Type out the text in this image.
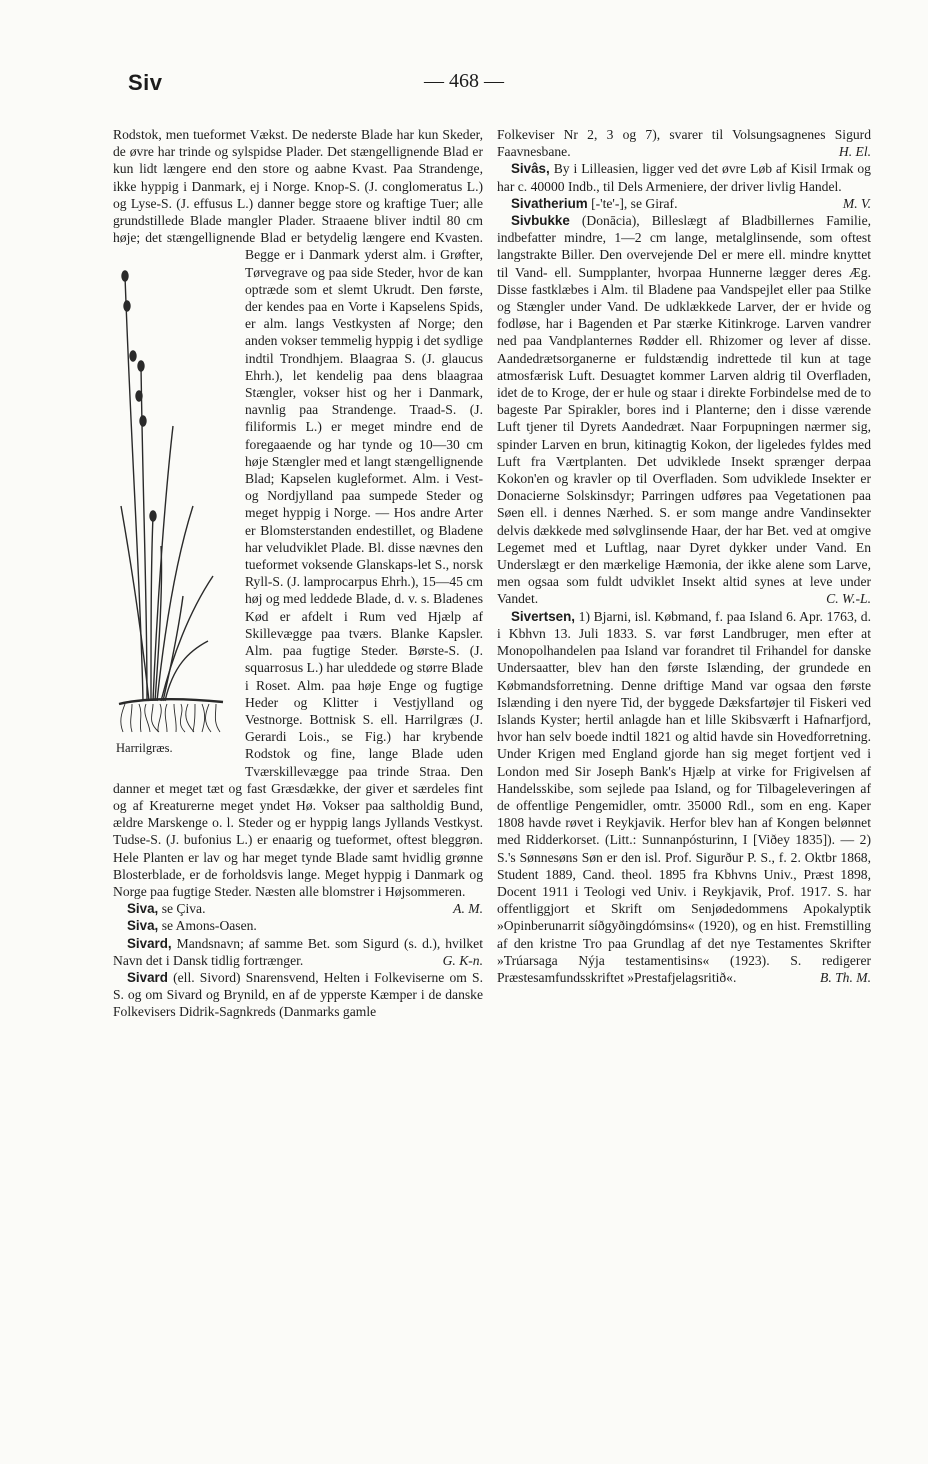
Siv	— 468 —

Rodstok, men tueformet Vækst. De nederste Blade har kun Skeder, de øvre har trinde og sylspidse Plader. Det stængellignende Blad er kun lidt længere end den store og aabne Kvast. Paa Strandenge, ikke hyppig i Danmark, ej i Norge. Knop-S. (J. conglomeratus L.) og Lyse-S. (J. effusus L.) danner begge store og kraftige Tuer; alle grundstillede Blade mangler Plader. Straaene bliver indtil 80 cm høje; det stængellignende Blad er betydelig længere end Kvasten.
Harrilgræs.
Begge er i Danmark yderst alm. i Grøfter, Tørvegrave og paa side Steder, hvor de kan optræde som et slemt Ukrudt. Den første, der kendes paa en Vorte i Kapselens Spids, er alm. langs Vestkysten af Norge; den anden vokser temmelig hyppig i det sydlige indtil Trondhjem. Blaagraa S. (J. glaucus Ehrh.), let kendelig paa dens blaagraa Stængler, vokser hist og her i Danmark, navnlig paa Strandenge. Traad-S. (J. filiformis L.) er meget mindre end de foregaaende og har tynde og 10—30 cm høje Stængler med et langt stængellignende Blad; Kapselen kugleformet. Alm. i Vest- og Nordjylland paa sumpede Steder og meget hyppig i Norge. — Hos andre Arter er Blomsterstanden endestillet, og Bladene har veludviklet Plade. Bl. disse nævnes den tueformet voksende Glanskaps-let S., norsk Ryll-S. (J. lamprocarpus Ehrh.), 15—45 cm høj og med leddede Blade, d. v. s. Bladenes Kød er afdelt i Rum ved Hjælp af Skillevægge paa tværs. Blanke Kapsler. Alm. paa fugtige Steder. Børste-S. (J. squarrosus L.) har uleddede og større Blade i Roset. Alm. paa høje Enge og fugtige Heder og Klitter i Vestjylland og Vestnorge. Bottnisk S. ell. Harrilgræs (J. Gerardi Lois., se Fig.) har krybende Rodstok og fine, lange Blade uden Tværskillevægge paa trinde Straa. Den danner et meget tæt og fast Græsdække, der giver et særdeles fint og af Kreaturerne meget yndet Hø. Vokser paa saltholdig Bund, ældre Marskenge o. l. Steder og er hyppig langs Jyllands Vestkyst. Tudse-S. (J. bufonius L.) er enaarig og tueformet, oftest bleggrøn. Hele Planten er lav og har meget tynde Blade samt hvidlig grønne Blosterblade, er de forholdsvis lange. Meget hyppig i Danmark og Norge paa fugtige Steder. Næsten alle blomstrer i Højsommeren.
A. M.

Siva, se Çiva.

Siva, se Amons-Oasen.

Sivard, Mandsnavn; af samme Bet. som Sigurd (s. d.), hvilket Navn det i Dansk tidlig fortrænger.	G. K-n.

Sivard (ell. Sivord) Snarensvend, Helten i Folkeviserne om S. S. og om Sivard og Brynild, en af de ypperste Kæmper i de danske Folkevisers Didrik-Sagnkreds (Danmarks gamle

Folkeviser Nr 2, 3 og 7), svarer til Volsungsagnenes Sigurd Faavnesbane.	H. El.

Sivâs, By i Lilleasien, ligger ved det øvre Løb af Kisil Irmak og har c. 40000 Indb., til Dels Armeniere, der driver livlig Handel.
M. V.

Sivatherium [-'te'-], se Giraf.

Sivbukke (Donācia), Billeslægt af Bladbillernes Familie, indbefatter mindre, 1—2 cm lange, metalglinsende, som oftest langstrakte Biller. Den overvejende Del er mere ell. mindre knyttet til Vand- ell. Sumpplanter, hvorpaa Hunnerne lægger deres Æg. Disse fastklæbes i Alm. til Bladene paa Vandspejlet eller paa Stilke og Stængler under Vand. De udklækkede Larver, der er hvide og fodløse, har i Bagenden et Par stærke Kitinkroge. Larven vandrer ned paa Vandplanternes Rødder ell. Rhizomer og lever af disse. Aandedrætsorganerne er fuldstændig indrettede til kun at tage atmosfærisk Luft. Desuagtet kommer Larven aldrig til Overfladen, idet de to Kroge, der er hule og staar i direkte Forbindelse med de to bageste Par Spirakler, bores ind i Planterne; den i disse værende Luft tjener til Dyrets Aandedræt. Naar Forpupningen nærmer sig, spinder Larven en brun, kitinagtig Kokon, der ligeledes fyldes med Luft fra Værtplanten. Det udviklede Insekt sprænger derpaa Kokon'en og kravler op til Overfladen. Som udviklede Insekter er Donacierne Solskinsdyr; Parringen udføres paa Vegetationen paa Søen ell. i dennes Nærhed. S. er som mange andre Vandinsekter delvis dækkede med sølvglinsende Haar, der har Bet. ved at omgive Legemet med et Luftlag, naar Dyret dykker under Vand. En Underslægt er den mærkelige Hæmonia, der ikke alene som Larve, men ogsaa som fuldt udviklet Insekt altid synes at leve under Vandet.	C. W.-L.

Sivertsen, 1) Bjarni, isl. Købmand, f. paa Island 6. Apr. 1763, d. i Kbhvn 13. Juli 1833. S. var først Landbruger, men efter at Monopolhandelen paa Island var forandret til Frihandel for danske Undersaatter, blev han den første Islænding, der grundede en Købmandsforretning. Denne driftige Mand var ogsaa den første Islænding i den nyere Tid, der byggede Dæksfartøjer til Fiskeri ved Islands Kyster; hertil anlagde han et lille Skibsværft i Hafnarfjord, hvor han selv boede indtil 1821 og altid havde sin Hovedforretning. Under Krigen med England gjorde han sig meget fortjent ved i London med Sir Joseph Bank's Hjælp at virke for Frigivelsen af Handelsskibe, som sejlede paa Island, og for Tilbageleveringen af de offentlige Pengemidler, omtr. 35000 Rdl., som en eng. Kaper 1808 havde røvet i Reykjavik. Herfor blev han af Kongen belønnet med Ridderkorset. (Litt.: Sunnanpósturinn, I [Viðey 1835]). — 2) S.'s Sønnesøns Søn er den isl. Prof. Sigurður P. S., f. 2. Oktbr 1868, Student 1889, Cand. theol. 1895 fra Kbhvns Univ., Præst 1898, Docent 1911 i Teologi ved Univ. i Reykjavik, Prof. 1917. S. har offentliggjort et Skrift om Senjødedommens Apokalyptik »Opinberunarrit síðgyðingdómsins« (1920), og en hist. Fremstilling af den kristne Tro paa Grundlag af det nye Testamentes Skrifter »Trúarsaga Nýja testamentisins« (1923). S. redigerer Præstesamfundsskriftet »Prestafjelagsritið«.	B. Th. M.
